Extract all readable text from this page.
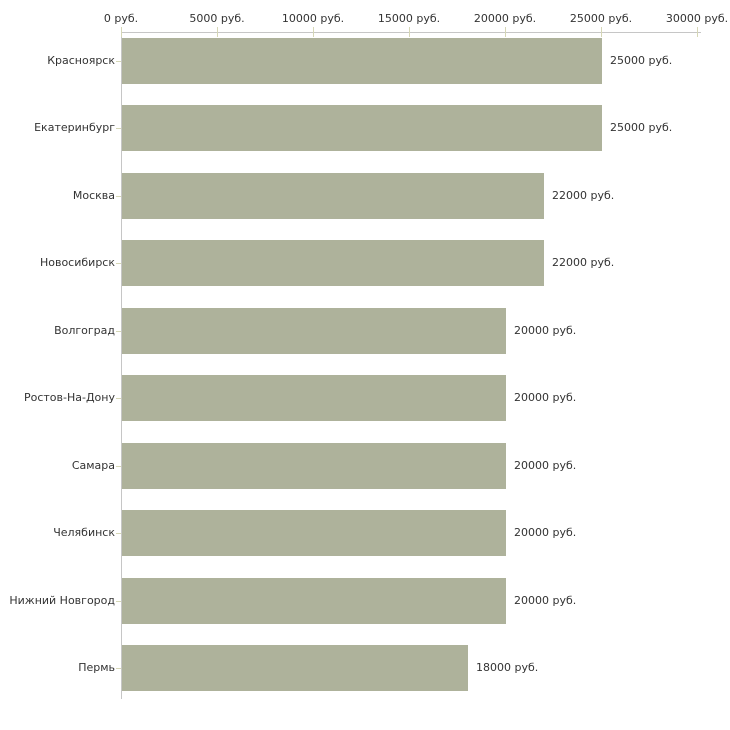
0 руб.	5000 руб.	10000 руб.	15000 руб.	20000 руб.	25000 руб.	30000 руб.
Красноярск	25000 руб.
Екатеринбург	25000 руб.
Москва	22000 руб.
Новосибирск	22000 руб.
Волгоград	20000 руб.
Ростов-На-Дону	20000 руб.
Самара	20000 руб.
Челябинск	20000 руб.
Нижний Новгород	20000 руб.
Пермь	18000 руб.
